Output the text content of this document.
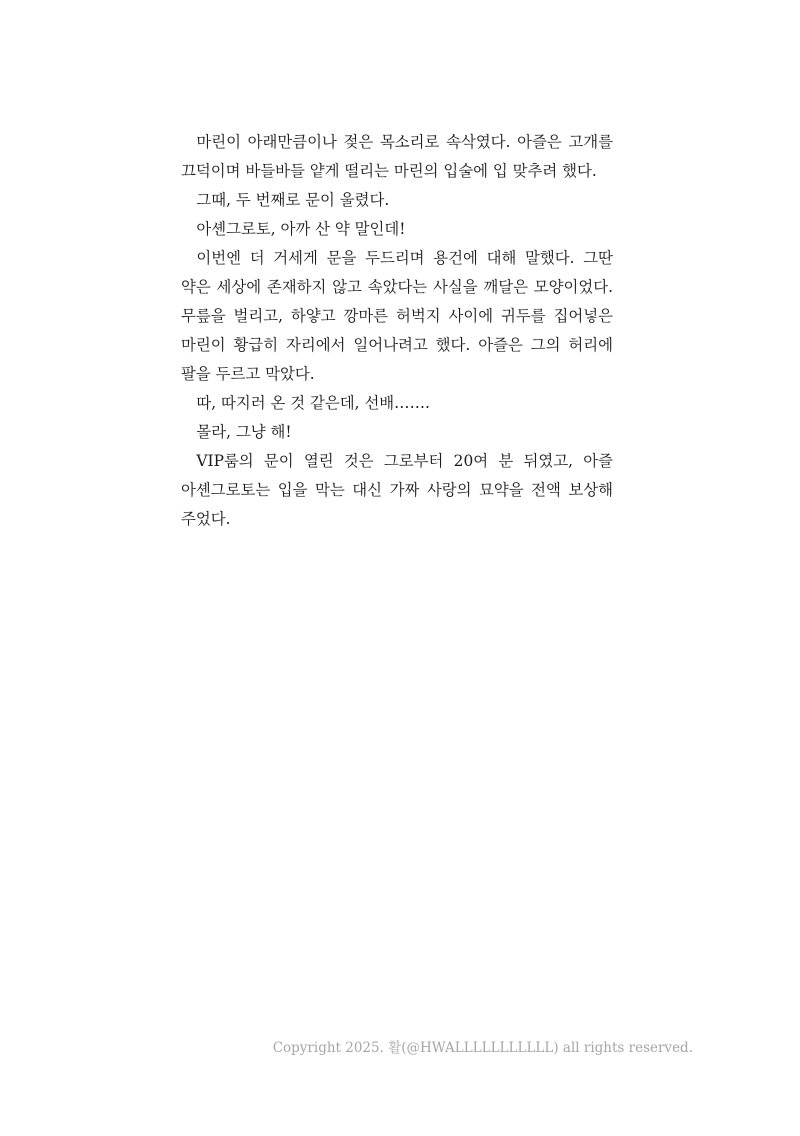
마린이 아래만큼이나 젖은 목소리로 속삭였다. 아즐은 고개를 끄덕이며 바들바들 얕게 떨리는 마린의 입술에 입 맞추려 했다.

그때, 두 번째로 문이 울렸다.

아셴그로토, 아까 산 약 말인데!

이번엔 더 거세게 문을 두드리며 용건에 대해 말했다. 그딴 약은 세상에 존재하지 않고 속았다는 사실을 깨달은 모양이었다. 무릎을 벌리고, 하얗고 깡마른 허벅지 사이에 귀두를 집어넣은 마린이 황급히 자리에서 일어나려고 했다. 아즐은 그의 허리에 팔을 두르고 막았다.

따, 따지러 온 것 같은데, 선배…….

몰라, 그냥 해!

VIP룸의 문이 열린 것은 그로부터 20여 분 뒤였고, 아즐 아셴그로토는 입을 막는 대신 가짜 사랑의 묘약을 전액 보상해 주었다.

Copyright 2025. 활(@HWALLLLLLLLLLL) all rights reserved.
